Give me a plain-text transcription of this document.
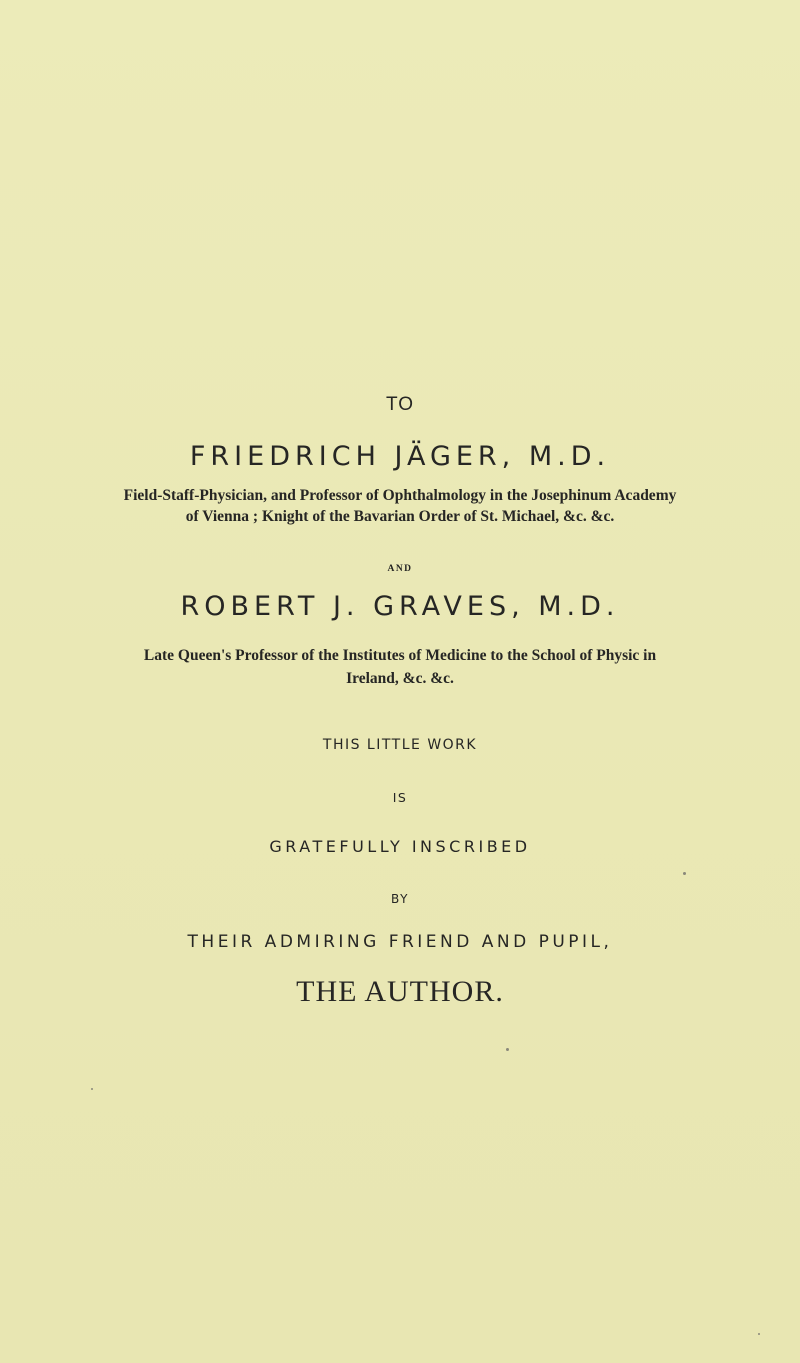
TO
FRIEDRICH JÄGER, M.D.
Field-Staff-Physician, and Professor of Ophthalmology in the Josephinum Academy
of Vienna ; Knight of the Bavarian Order of St. Michael, &c. &c.
AND
ROBERT J. GRAVES, M.D.
Late Queen's Professor of the Institutes of Medicine to the School of Physic in
Ireland, &c. &c.
THIS LITTLE WORK
IS
GRATEFULLY INSCRIBED
BY
THEIR ADMIRING FRIEND AND PUPIL,
THE AUTHOR.
